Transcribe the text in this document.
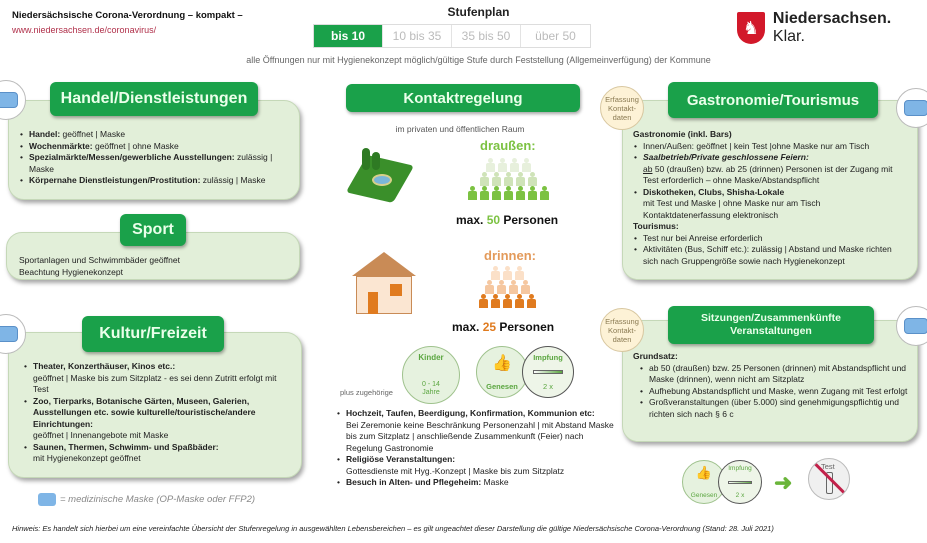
Niedersächsische Corona-Verordnung – kompakt –
www.niedersachsen.de/coronavirus/
Stufenplan
bis 10	10 bis 35	35 bis 50	über 50
alle Öffnungen nur mit Hygienekonzept möglich/gültige Stufe durch Feststellung (Allgemeinverfügung) der Kommune
♞ Niedersachsen. Klar.
• Handel: geöffnet | Maske
• Wochenmärkte: geöffnet | ohne Maske
• Spezialmärkte/Messen/gewerbliche Ausstellungen: zulässig | Maske
• Körpernahe Dienstleistungen/Prostitution: zulässig | Maske
Handel/Dienstleistungen
Sportanlagen und Schwimmbäder geöffnet
Beachtung Hygienekonzept
Sport
• Theater, Konzerthäuser, Kinos etc.:
geöffnet | Maske bis zum Sitzplatz - es sei denn Zutritt erfolgt mit Test
• Zoo, Tierparks, Botanische Gärten, Museen, Galerien, Ausstellungen etc. sowie kulturelle/touristische/andere Einrichtungen:
geöffnet | Innenangebote mit Maske
• Saunen, Thermen, Schwimm- und Spaßbäder:
mit Hygienekonzept geöffnet
Kultur/Freizeit
= medizinische Maske (OP-Maske oder FFP2)
Kontaktregelung
im privaten und öffentlichen Raum
draußen:
max. 50 Personen
drinnen:
max. 25 Personen
plus zugehörige
Kinder
0 - 14
Jahre
👍
Genesen
Impfung
2 x
• Hochzeit, Taufen, Beerdigung, Konfirmation, Kommunion etc:
Bei Zeremonie keine Beschränkung Personenzahl | mit Abstand Maske bis zum Sitzplatz | anschließende Zusammenkunft (Feier) nach Regelung Gastronomie
• Religiöse Veranstaltungen:
Gottesdienste mit Hyg.-Konzept | Maske bis zum Sitzplatz
• Besuch in Alten- und Pflegeheim: Maske
Gastronomie (inkl. Bars)
• Innen/Außen: geöffnet | kein Test |ohne Maske nur am Tisch
• Saalbetrieb/Private geschlossene Feiern:
ab 50 (draußen) bzw. ab 25 (drinnen) Personen ist der Zugang mit Test erforderlich – ohne Maske/Abstandspflicht
• Diskotheken, Clubs, Shisha-Lokale
mit Test und Maske | ohne Maske nur am Tisch Kontaktdatenerfassung elektronisch
Tourismus:
• Test nur bei Anreise erforderlich
• Aktivitäten (Bus, Schiff etc.): zulässig | Abstand und Maske richten sich nach Gruppengröße sowie nach Hygienekonzept
Gastronomie/Tourismus
Erfassung Kontakt-daten
Grundsatz:
• ab 50 (draußen) bzw. 25 Personen (drinnen) mit Abstandspflicht und Maske (drinnen), wenn nicht am Sitzplatz
• Aufhebung Abstandspflicht und Maske, wenn Zugang mit Test erfolgt
• Großveranstaltungen (über 5.000) sind genehmigungspflichtig und richten sich nach § 6 c
Sitzungen/Zusammenkünfte Veranstaltungen
Erfassung Kontakt-daten
👍
Genesen
Impfung
2 x
➜
Test
Hinweis: Es handelt sich hierbei um eine vereinfachte Übersicht der Stufenregelung in ausgewählten Lebensbereichen – es gilt ungeachtet dieser Darstellung die gültige Niedersächsische Corona-Verordnung (Stand: 28. Juli 2021)
